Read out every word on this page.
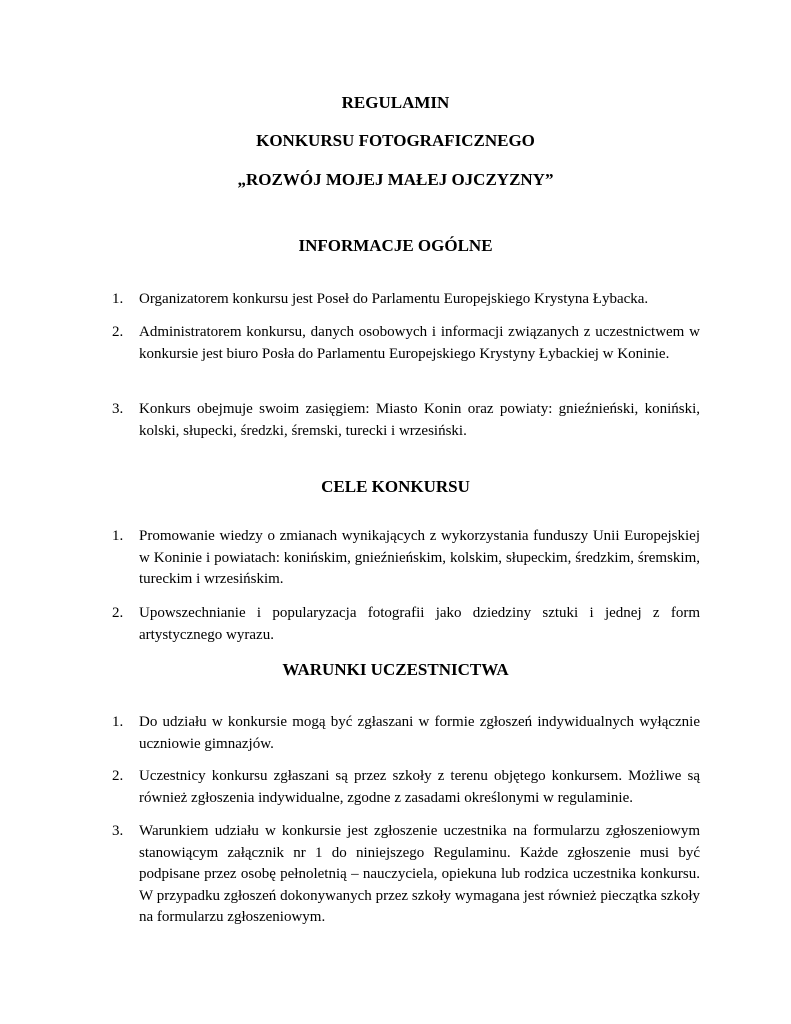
REGULAMIN
KONKURSU FOTOGRAFICZNEGO
„ROZWÓJ MOJEJ MAŁEJ OJCZYZNY”
INFORMACJE OGÓLNE
1.	Organizatorem konkursu jest Poseł do Parlamentu Europejskiego Krystyna Łybacka.
2.	Administratorem konkursu, danych osobowych i informacji związanych z uczestnictwem w konkursie jest biuro Posła do Parlamentu Europejskiego Krystyny Łybackiej w Koninie.
3.	Konkurs obejmuje swoim zasięgiem: Miasto Konin oraz powiaty: gnieźnieński, koniński, kolski, słupecki, średzki, śremski, turecki i wrzesiński.
CELE KONKURSU
1.	Promowanie wiedzy o zmianach wynikających z wykorzystania funduszy Unii Europejskiej w Koninie i powiatach: konińskim, gnieźnieńskim, kolskim, słupeckim, średzkim, śremskim, tureckim i wrzesińskim.
2.	Upowszechnianie i popularyzacja fotografii jako dziedziny sztuki i jednej z form artystycznego wyrazu.
WARUNKI UCZESTNICTWA
1.	Do udziału w konkursie mogą być zgłaszani w formie zgłoszeń indywidualnych wyłącznie uczniowie gimnazjów.
2.	Uczestnicy konkursu zgłaszani są przez szkoły z terenu objętego konkursem. Możliwe są również zgłoszenia indywidualne, zgodne z zasadami określonymi w regulaminie.
3.	Warunkiem udziału w konkursie jest zgłoszenie uczestnika na formularzu zgłoszeniowym stanowiącym załącznik nr 1 do niniejszego Regulaminu. Każde zgłoszenie musi być podpisane przez osobę pełnoletnią – nauczyciela, opiekuna lub rodzica uczestnika konkursu. W przypadku zgłoszeń dokonywanych przez szkoły wymagana jest również pieczątka szkoły na formularzu zgłoszeniowym.
